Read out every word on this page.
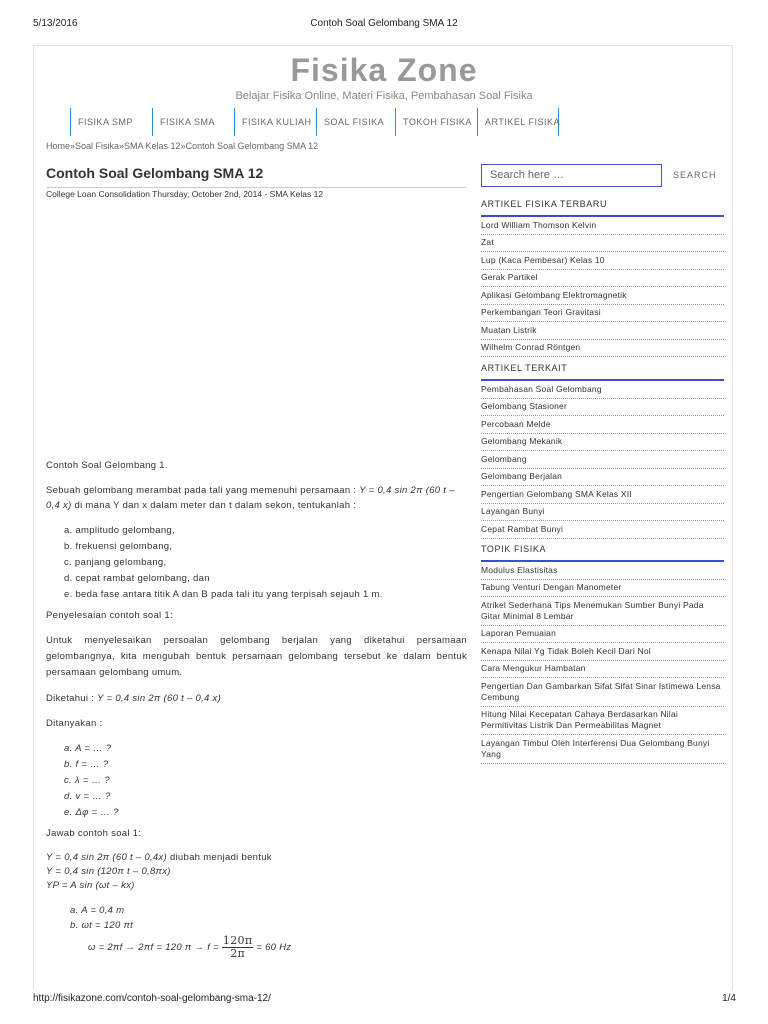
5/13/2016	Contoh Soal Gelombang SMA 12
Fisika Zone
Belajar Fisika Online, Materi Fisika, Pembahasan Soal Fisika
FISIKA SMP	FISIKA SMA	FISIKA KULIAH	SOAL FISIKA	TOKOH FISIKA	ARTIKEL FISIKA
Home»Soal Fisika»SMA Kelas 12»Contoh Soal Gelombang SMA 12
Contoh Soal Gelombang SMA 12
College Loan Consolidation Thursday, October 2nd, 2014 - SMA Kelas 12

Contoh Soal Gelombang 1.

Sebuah gelombang merambat pada tali yang memenuhi persamaan : Y = 0,4 sin 2π (60 t – 0,4 x) di mana Y dan x dalam meter dan t dalam sekon, tentukanlah :

a. amplitudo gelombang,
b. frekuensi gelombang,
c. panjang gelombang,
d. cepat rambat gelombang, dan
e. beda fase antara titik A dan B pada tali itu yang terpisah sejauh 1 m.

Penyelesaian contoh soal 1:

Untuk menyelesaikan persoalan gelombang berjalan yang diketahui persamaan gelombangnya, kita mengubah bentuk persamaan gelombang tersebut ke dalam bentuk persamaan gelombang umum.

Diketahui : Y = 0,4 sin 2π (60 t – 0,4 x)

Ditanyakan :

a. A = … ?
b. f = … ?
c. λ = … ?
d. v = … ?
e. Δφ = … ?

Jawab contoh soal 1:

Y = 0,4 sin 2π (60 t – 0,4x) diubah menjadi bentuk
Y = 0,4 sin (120π t – 0,8πx)
YP = A sin (ωt – kx)
a. A = 0,4 m
b. ωt = 120 πt
ω = 2πf → 2πf = 120 $\pi \to f = \frac{120\pi}{2\pi} = 60$ Hz
Search here …	SEARCH
ARTIKEL FISIKA TERBARU
Lord William Thomson Kelvin
Zat
Lup (Kaca Pembesar) Kelas 10
Gerak Partikel
Aplikasi Gelombang Elektromagnetik
Perkembangan Teori Gravitasi
Muatan Listrik
Wilhelm Conrad Röntgen
ARTIKEL TERKAIT
Pembahasan Soal Gelombang
Gelombang Stasioner
Percobaan Melde
Gelombang Mekanik
Gelombang
Gelombang Berjalan
Pengertian Gelombang SMA Kelas XII
Layangan Bunyi
Cepat Rambat Bunyi
TOPIK FISIKA
Modulus Elastisitas
Tabung Venturi Dengan Manometer
Atrikel Sederhana Tips Menemukan Sumber Bunyi Pada Gitar Minimal 8 Lembar
Laporan Pemuaian
Kenapa Nilai Yg Tidak Boleh Kecil Dari Nol
Cara Mengukur Hambatan
Pengertian Dan Gambarkan Sifat Sifat Sinar Istimewa Lensa Cembung
Hitung Nilai Kecepatan Cahaya Berdasarkan Nilai Permitivitas Listrik Dan Permeabilitas Magnet
Layangan Timbul Oleh Interferensi Dua Gelombang Bunyi Yang
http://fisikazone.com/contoh-soal-gelombang-sma-12/	1/4
